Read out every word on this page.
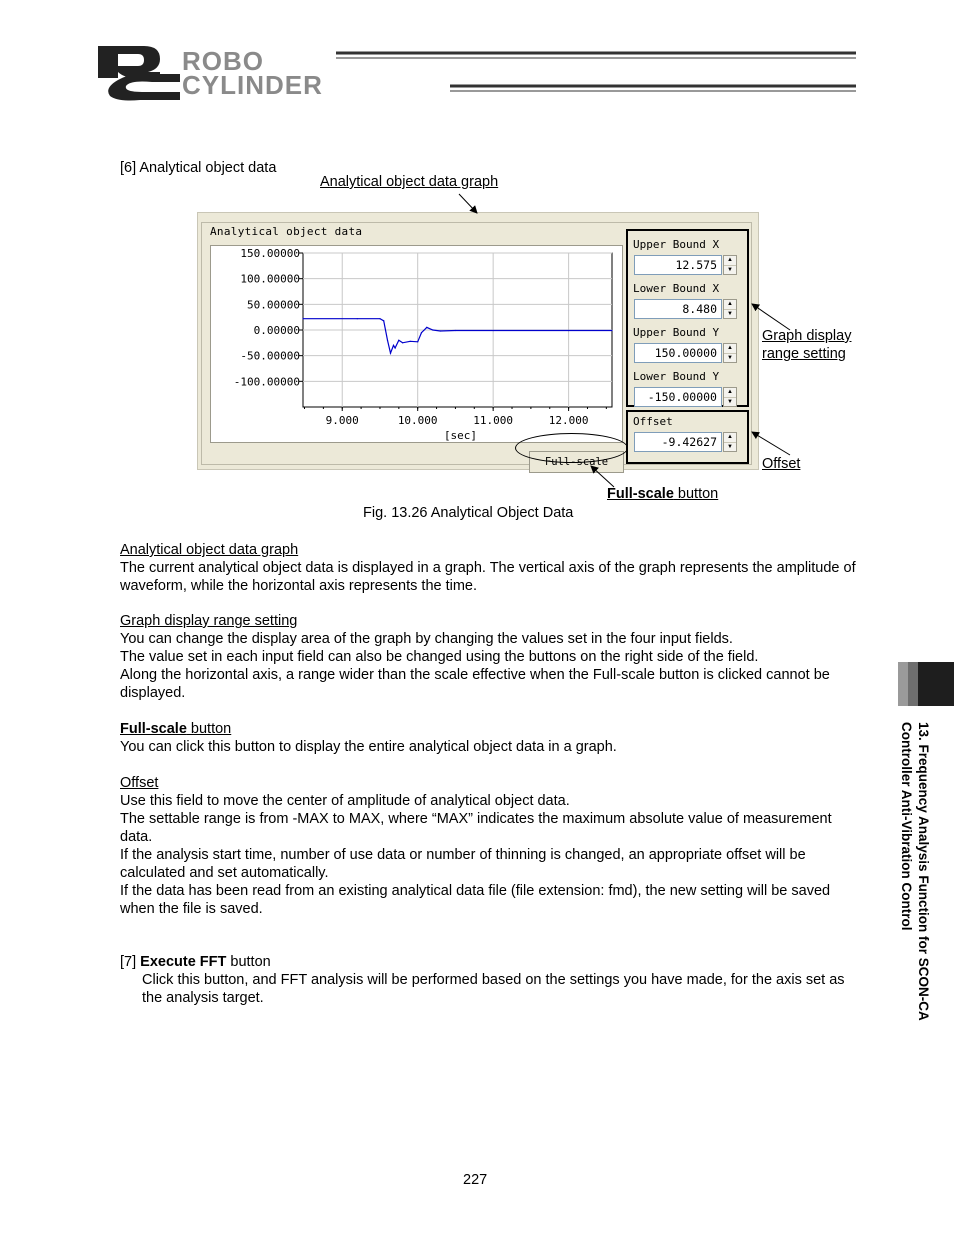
ROBO
CYLINDER
[6] Analytical object data
Analytical object data graph
Graph display
range setting
Offset
Full-scale button
Analytical object data
150.00000
100.00000
50.00000
0.00000
-50.00000
-100.00000
9.000	10.000	11.000	12.000
[sec]
Full-scale
Upper Bound X
12.575	▲
▼
Lower Bound X
8.480	▲
▼
Upper Bound Y
150.00000	▲
▼
Lower Bound Y
-150.00000	▲
▼
Offset
-9.42627	▲
▼
Fig. 13.26 Analytical Object Data
Analytical object data graph
The current analytical object data is displayed in a graph. The vertical axis of the graph represents the amplitude of waveform, while the horizontal axis represents the time.
Graph display range setting
You can change the display area of the graph by changing the values set in the four input fields.
The value set in each input field can also be changed using the buttons on the right side of the field.
Along the horizontal axis, a range wider than the scale effective when the Full-scale button is clicked cannot be displayed.
Full-scale button
You can click this button to display the entire analytical object data in a graph.
Offset
Use this field to move the center of amplitude of analytical object data.
The settable range is from -MAX to MAX, where “MAX” indicates the maximum absolute value of measurement data.
If the analysis start time, number of use data or number of thinning is changed, an appropriate offset will be calculated and set automatically.
If the data has been read from an existing analytical data file (file extension: fmd), the new setting will be saved when the file is saved.
[7] Execute FFT button
Click this button, and FFT analysis will be performed based on the settings you have made, for the axis set as the analysis target.	13. Frequency Analysis Function for SCON-CA
Controller Anti-Vibration Control
227
